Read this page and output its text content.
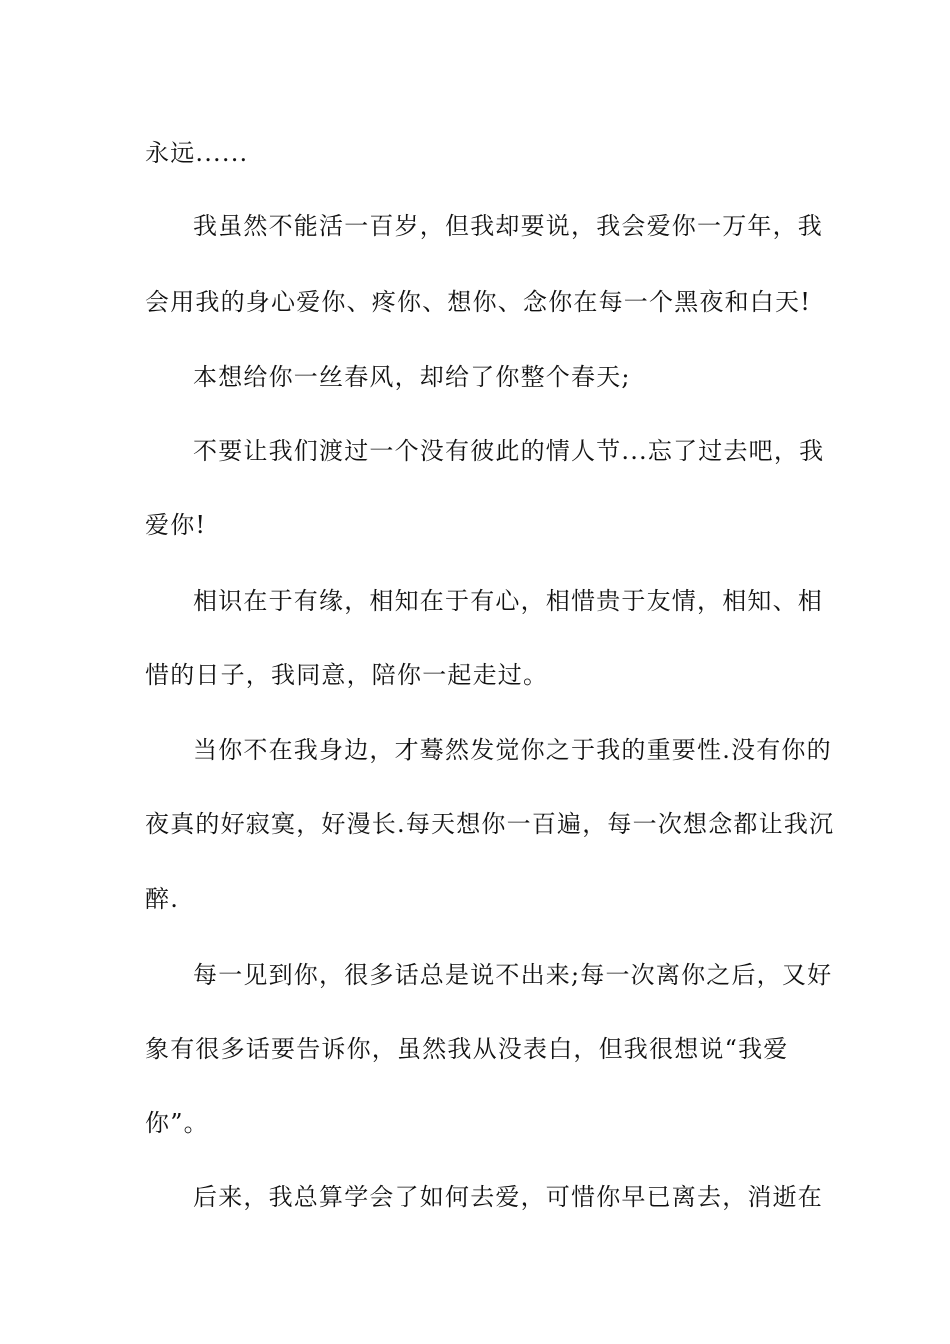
永远......
我虽然不能活一百岁，但我却要说，我会爱你一万年，我
会用我的身心爱你、疼你、想你、念你在每一个黑夜和白天!
本想给你一丝春风，却给了你整个春天;
不要让我们渡过一个没有彼此的情人节...忘了过去吧，我
爱你!
相识在于有缘，相知在于有心，相惜贵于友情，相知、相
惜的日子，我同意，陪你一起走过。
当你不在我身边，才蓦然发觉你之于我的重要性.没有你的
夜真的好寂寞，好漫长.每天想你一百遍，每一次想念都让我沉
醉.
每一见到你，很多话总是说不出来;每一次离你之后，又好
象有很多话要告诉你，虽然我从没表白，但我很想说“我爱
你”。
后来，我总算学会了如何去爱，可惜你早已离去，消逝在
